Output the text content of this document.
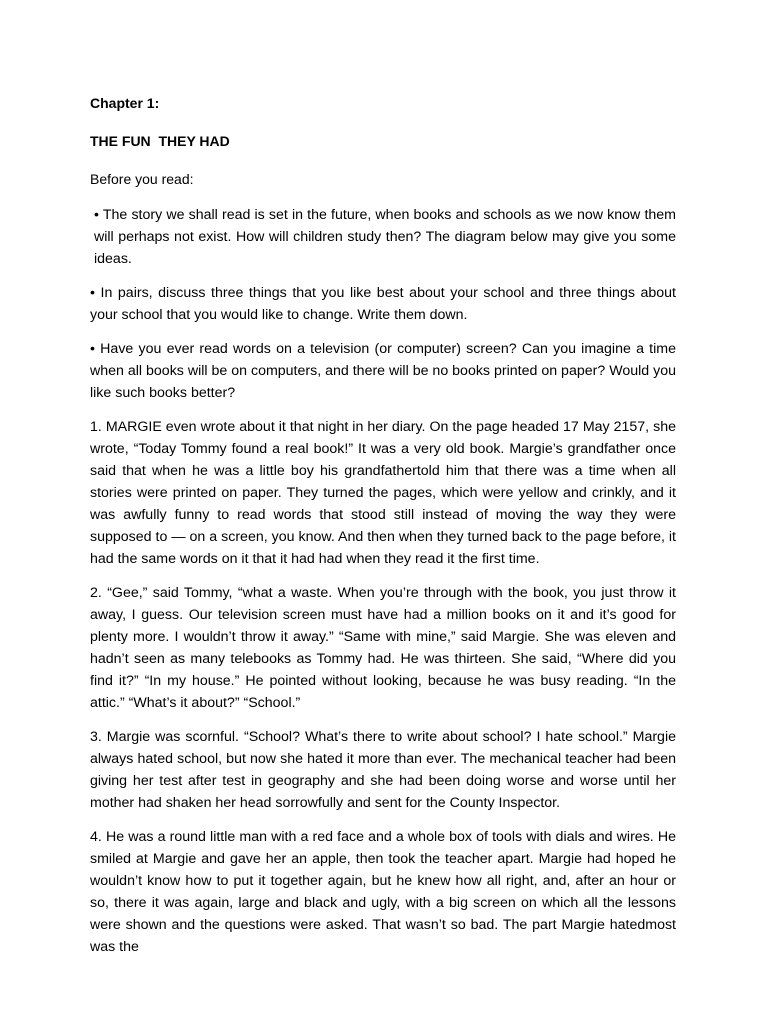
Chapter 1:

THE FUN  THEY HAD

Before you read:

• The story we shall read is set in the future, when books and schools as we now know them will perhaps not exist. How will children study then? The diagram below may give you some ideas.

• In pairs, discuss three things that you like best about your school and three things about your school that you would like to change. Write them down.

• Have you ever read words on a television (or computer) screen? Can you imagine a time when all books will be on computers, and there will be no books printed on paper? Would you like such books better?

1. MARGIE even wrote about it that night in her diary. On the page headed 17 May 2157, she wrote, “Today Tommy found a real book!” It was a very old book. Margie’s grandfather once said that when he was a little boy his grandfathertold him that there was a time when all stories were printed on paper. They turned the pages, which were yellow and crinkly, and it was awfully funny to read words that stood still instead of moving the way they were supposed to — on a screen, you know. And then when they turned back to the page before, it had the same words on it that it had had when they read it the first time.

2. “Gee,” said Tommy, “what a waste. When you’re through with the book, you just throw it away, I guess. Our television screen must have had a million books on it and it’s good for plenty more. I wouldn’t throw it away.” “Same with mine,” said Margie. She was eleven and hadn’t seen as many telebooks as Tommy had. He was thirteen. She said, “Where did you find it?” “In my house.” He pointed without looking, because he was busy reading. “In the attic.” “What’s it about?” “School.”

3. Margie was scornful. “School? What’s there to write about school? I hate school.” Margie always hated school, but now she hated it more than ever. The mechanical teacher had been giving her test after test in geography and she had been doing worse and worse until her mother had shaken her head sorrowfully and sent for the County Inspector.

4. He was a round little man with a red face and a whole box of tools with dials and wires. He smiled at Margie and gave her an apple, then took the teacher apart. Margie had hoped he wouldn’t know how to put it together again, but he knew how all right, and, after an hour or so, there it was again, large and black and ugly, with a big screen on which all the lessons were shown and the questions were asked. That wasn’t so bad. The part Margie hatedmost was the
